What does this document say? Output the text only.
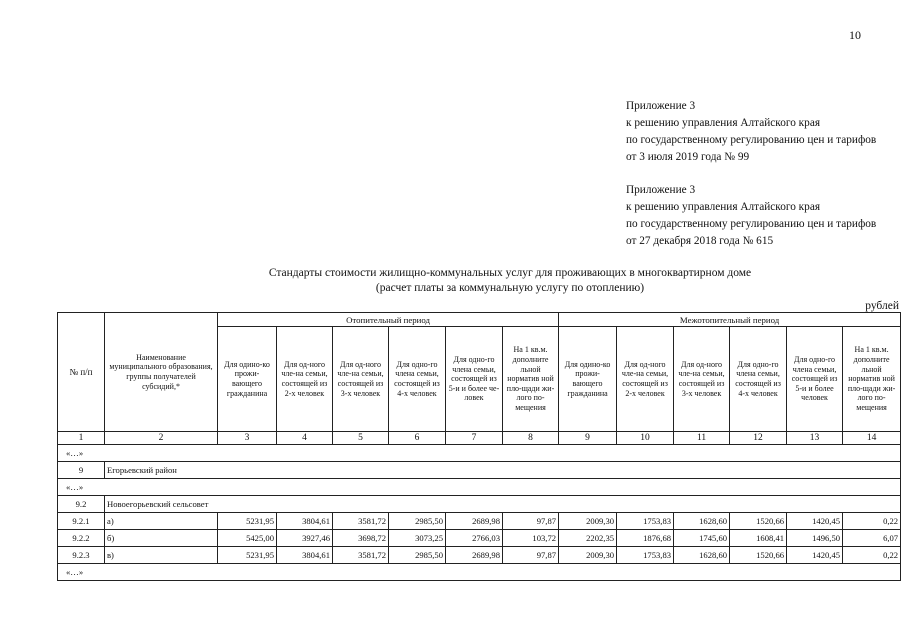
10
Приложение 3
к решению управления Алтайского края
по государственному регулированию цен и тарифов
от 3 июля 2019 года № 99
Приложение 3
к решению управления Алтайского края
по государственному регулированию цен и тарифов
от 27 декабря 2018 года № 615
Стандарты стоимости жилищно-коммунальных услуг для проживающих в многоквартирном доме
(расчет платы за коммунальную услугу по отоплению)
рублей
№ п/п	Наименование муниципального образования, группы получателей субсидий,*	Отопительный период						Межотопительный период					
		Для одино-ко прожи-вающего гражданина	Для од-ного чле-на семьи, состоящей из 2-х человек	Для од-ного чле-на семьи, состоящей из 3-х человек	Для одно-го члена семьи, состоящей из 4-х человек	Для одно-го члена семьи, состоящей из 5-и и более че-ловек	На 1 кв.м. дополните льной норматив ной пло-щади жи-лого по-мещения	Для одино-ко прожи-вающего гражданина	Для од-ного чле-на семьи, состоящей из 2-х человек	Для од-ного чле-на семьи, состоящей из 3-х человек	Для одно-го члена семьи, состоящей из 4-х человек	Для одно-го члена семьи, состоящей из 5-и и более человек	На 1 кв.м. дополните льной норматив ной пло-щади жи-лого по-мещения
1	2	3	4	5	6	7	8	9	10	11	12	13	14
«…»													
9	Егорьевский район												
«…»													
9.2	Новоегорьевский сельсовет												
9.2.1	а)	5231,95	3804,61	3581,72	2985,50	2689,98	97,87	2009,30	1753,83	1628,60	1520,66	1420,45	0,22
9.2.2	б)	5425,00	3927,46	3698,72	3073,25	2766,03	103,72	2202,35	1876,68	1745,60	1608,41	1496,50	6,07
9.2.3	в)	5231,95	3804,61	3581,72	2985,50	2689,98	97,87	2009,30	1753,83	1628,60	1520,66	1420,45	0,22
«…»													
